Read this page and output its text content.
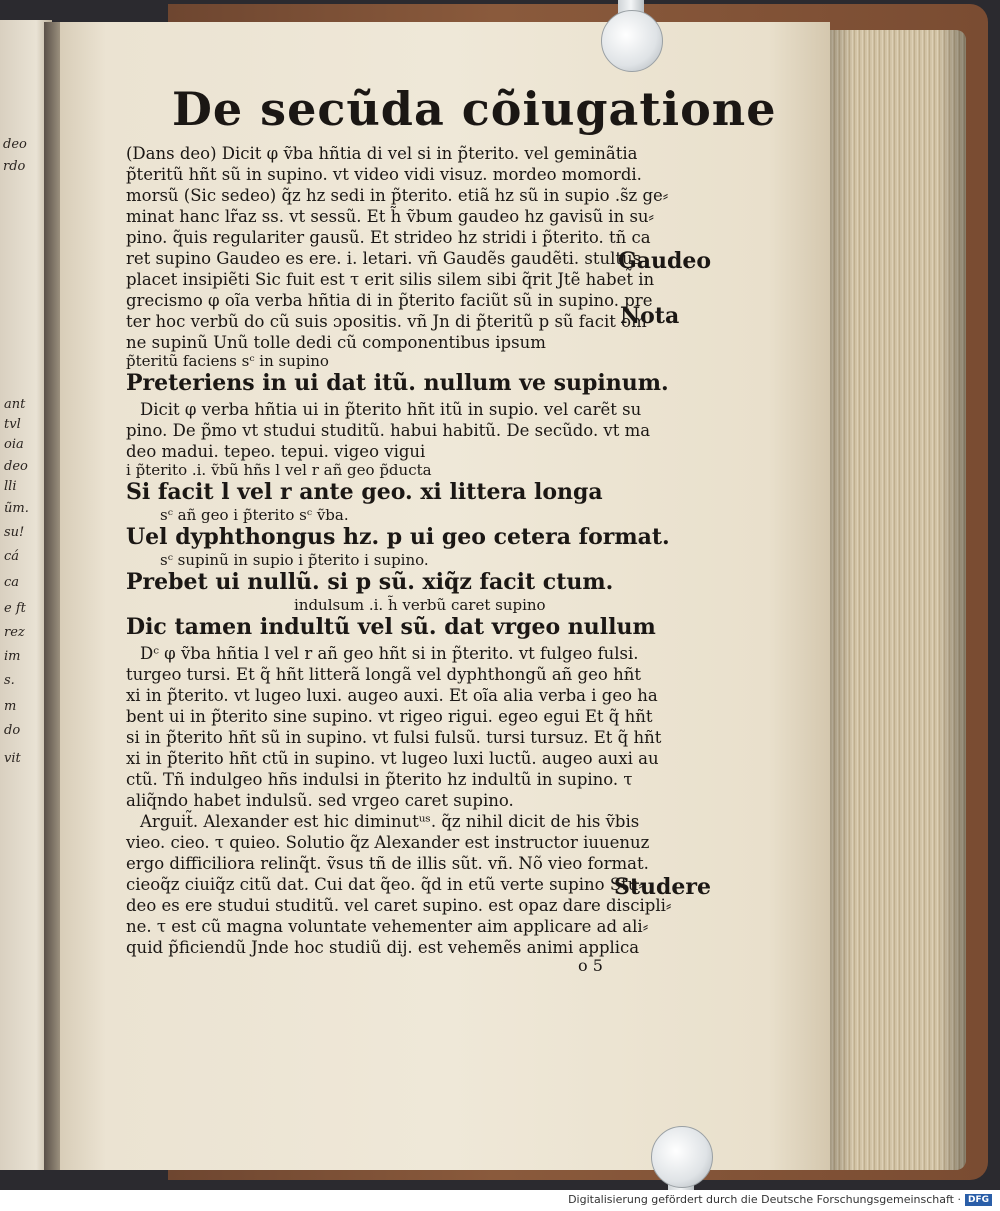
deo
rdo
ant
tvl
oia
deo
lli
ũm.
su!
cá
ca
e ft
rez
im
s.
m
do
vit
De secũda cõiugatione
(Dans deo) Dicit φ ṽba hñtia di vel si in p̃terito. vel geminãtia
p̃teritũ hñt sũ in supino. vt video vidi visuz. mordeo momordi.
morsũ (Sic sedeo) q̃z hz sedi in p̃terito. etiã hz sũ in supio .s̃z ge⸗
minat hanc lr̃az ss. vt sessũ. Et h̃ ṽbum gaudeo hz gavisũ in su⸗
pino. q̃uis regulariter gausũ. Et strideo hz stridi i p̃terito. tñ ca
ret supino Gaudeo es ere. i. letari. vñ Gaudẽs gaudẽti. stultus
placet insipiẽti Sic fuit est τ erit silis silem sibi q̃rit Jtẽ habet̃ in
grecismo φ oĩa verba hñtia di in p̃terito faciũt sũ in supino. pre
ter hoc verbũ do cũ suis ɔpositis. vñ Jn di p̃teritũ p sũ facit om
ne supinũ Unũ tolle dedi cũ componentibus ipsum
p̃teritũ faciens sᶜ in supino
Preteriens in ui dat itũ. nullum ve supinum.
Dicit φ verba hñtia ui in p̃terito hñt itũ in supio. vel carẽt su
pino. De p̃mo vt studui studitũ. habui habitũ. De secũdo. vt ma
deo madui. tepeo. tepui. vigeo vigui
i p̃terito .i. ṽbũ hñs l vel r añ geo p̃ducta
Si facit l vel r ante geo. xi littera longa
sᶜ añ geo i p̃terito sᶜ ṽba.
Uel dyphthongus hz. p ui geo cetera format.
sᶜ supinũ in supio i p̃terito i supino.
Prebet ui nullũ. si p sũ. xiq̃z facit ctum.
indulsum .i. h̃ verbũ caret supino
Dic tamen indultũ vel sũ. dat vrgeo nullum
Dᶜ φ ṽba hñtia l vel r añ geo hñt si in p̃terito. vt fulgeo fulsi.
turgeo tursi. Et q̃ hñt litterã longã vel dyphthongũ añ geo hñt
xi in p̃terito. vt lugeo luxi. augeo auxi. Et oĩa alia verba i geo ha
bent ui in p̃terito sine supino. vt rigeo rigui. egeo egui Et q̃ hñt
si in p̃terito hñt sũ in supino. vt fulsi fulsũ. tursi tursuz. Et q̃ hñt
xi in p̃terito hñt ctũ in supino. vt lugeo luxi luctũ. augeo auxi au
ctũ. Tñ indulgeo hñs indulsi in p̃terito hz indultũ in supino. τ
aliq̃ndo habet indulsũ. sed vrgeo caret supino.
Arguit̃. Alexander est hic diminutᵘˢ. q̃z nihil dicit de his ṽbis
vieo. cieo. τ quieo. Solutio q̃z Alexander est instructor iuuenuz
ergo difficiliora relinq̃t. ṽsus tñ de illis sũt. vñ. Nõ vieo format.
cieoq̃z ciuiq̃z citũ dat. Cui dat q̃eo. q̃d in etũ verte supino Stu⸗
deo es ere studui studitũ. vel caret supino. est opaz dare discipli⸗
ne. τ est cũ magna voluntate vehementer aim applicare ad ali⸗
quid p̃ficiendũ Jnde hoc studiũ dij. est vehemẽs animi applica
o 5
Gaudeo
Nota
Studere
Digitalisierung gefördert durch die Deutsche Forschungsgemeinschaft · DFG
